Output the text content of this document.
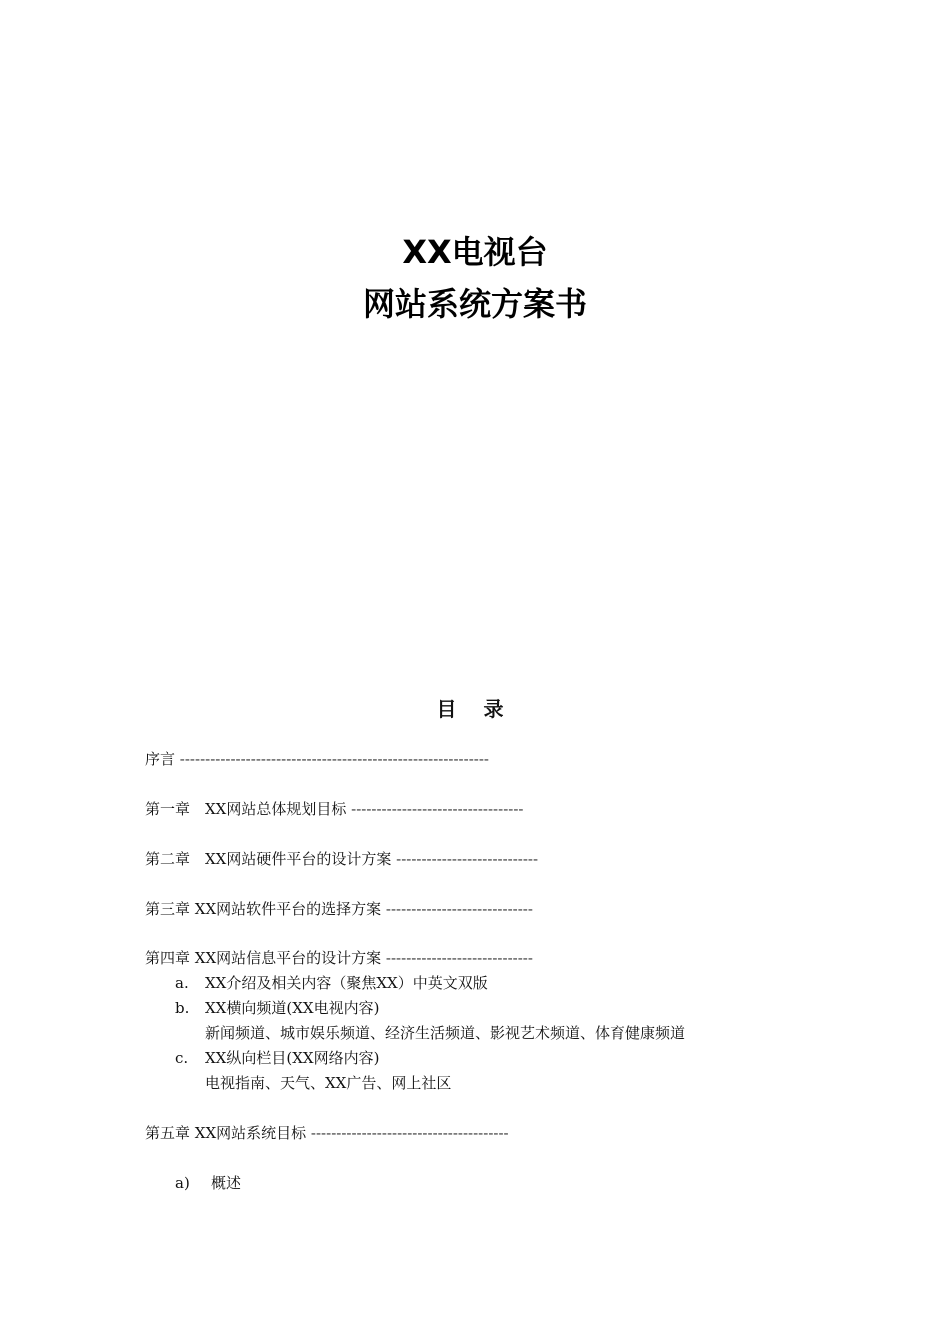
XX电视台
网站系统方案书
目 录
序言 -------------------------------------------------------------
第一章　XX网站总体规划目标 ----------------------------------
第二章　XX网站硬件平台的设计方案 ----------------------------
第三章 XX网站软件平台的选择方案 -----------------------------
第四章 XX网站信息平台的设计方案 -----------------------------
a. XX介绍及相关内容（聚焦XX）中英文双版
b. XX横向频道(XX电视内容)
新闻频道、城市娱乐频道、经济生活频道、影视艺术频道、体育健康频道
c. XX纵向栏目(XX网络内容)
电视指南、天气、XX广告、网上社区
第五章 XX网站系统目标 ---------------------------------------
a) 概述
